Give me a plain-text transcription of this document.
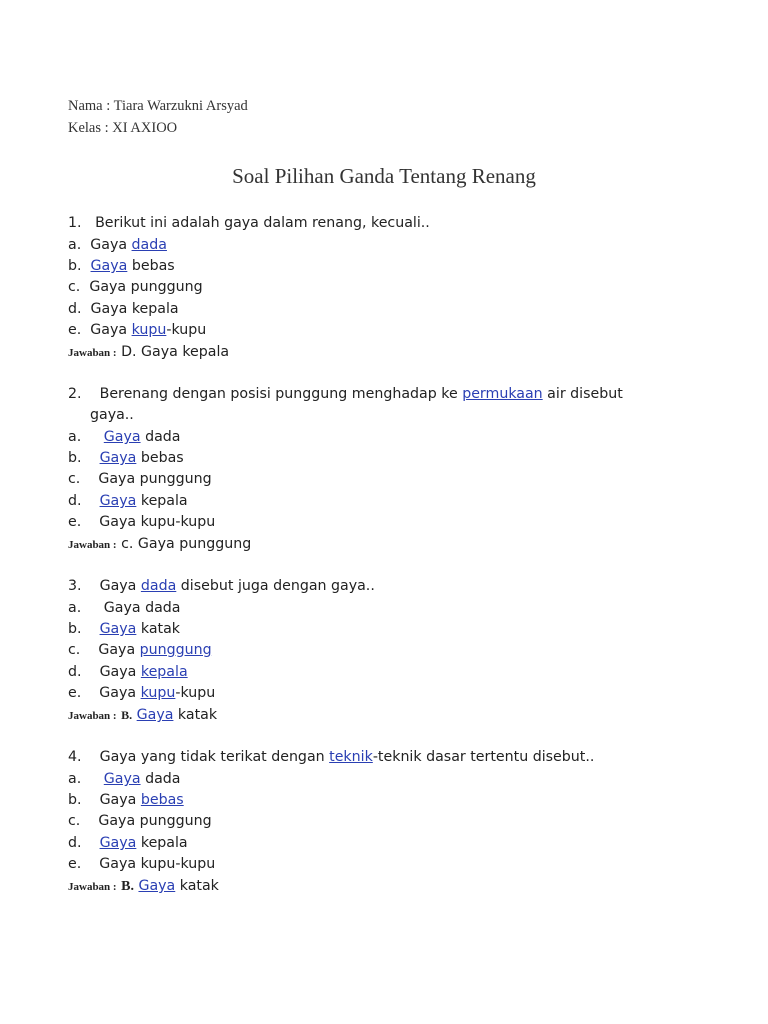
Nama : Tiara Warzukni Arsyad
Kelas : XI AXIOO
Soal Pilihan Ganda Tentang Renang
1. Berikut ini adalah gaya dalam renang, kecuali..
a. Gaya dada
b. Gaya bebas
c. Gaya punggung
d. Gaya kepala
e. Gaya kupu-kupu
Jawaban : D. Gaya kepala
2. Berenang dengan posisi punggung menghadap ke permukaan air disebut
gaya..
a. Gaya dada
b. Gaya bebas
c. Gaya punggung
d. Gaya kepala
e. Gaya kupu-kupu
Jawaban : c. Gaya punggung
3. Gaya dada disebut juga dengan gaya..
a. Gaya dada
b. Gaya katak
c. Gaya punggung
d. Gaya kepala
e. Gaya kupu-kupu
Jawaban : B. Gaya katak
4. Gaya yang tidak terikat dengan teknik-teknik dasar tertentu disebut..
a. Gaya dada
b. Gaya bebas
c. Gaya punggung
d. Gaya kepala
e. Gaya kupu-kupu
Jawaban : B. Gaya katak
